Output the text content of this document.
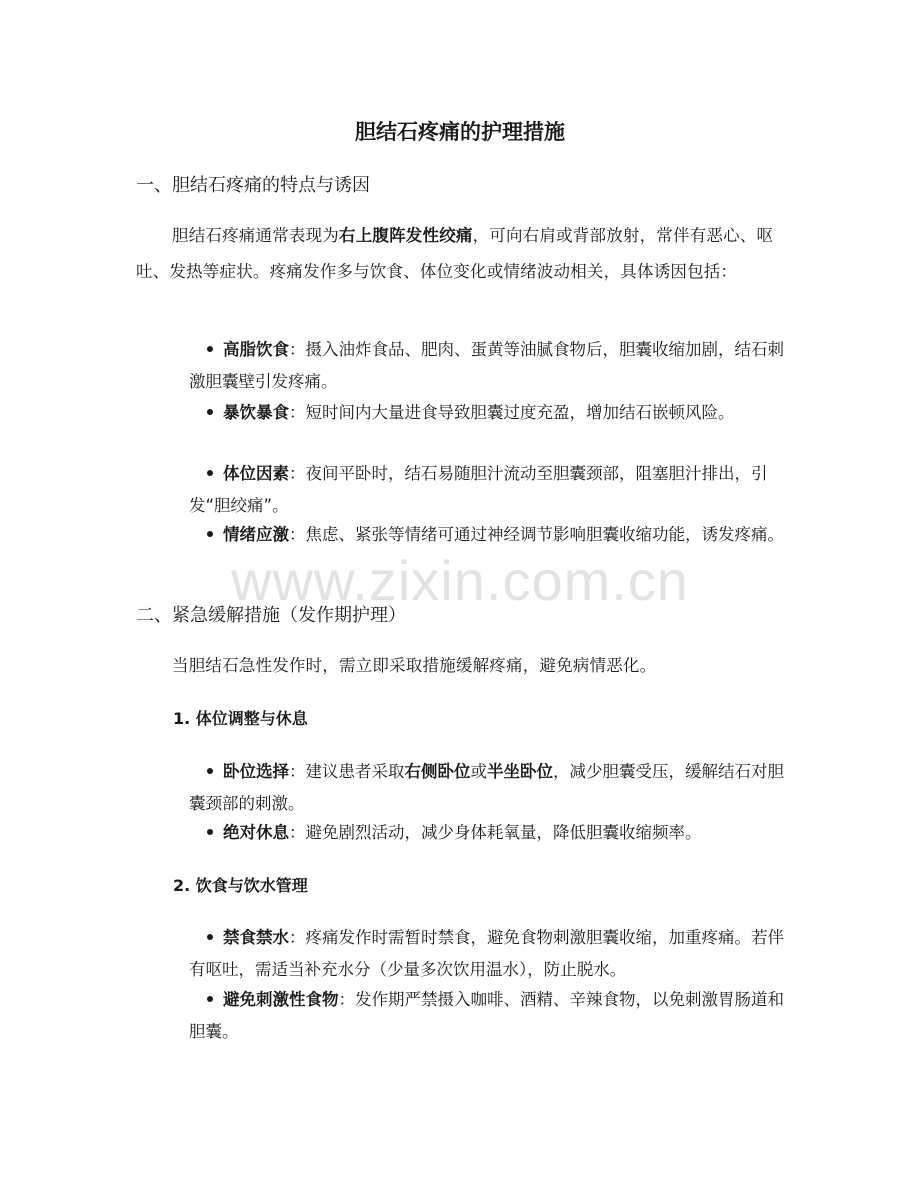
胆结石疼痛的护理措施
一、胆结石疼痛的特点与诱因
胆结石疼痛通常表现为右上腹阵发性绞痛，可向右肩或背部放射，常伴有恶心、呕吐、发热等症状。疼痛发作多与饮食、体位变化或情绪波动相关，具体诱因包括：
高脂饮食：摄入油炸食品、肥肉、蛋黄等油腻食物后，胆囊收缩加剧，结石刺激胆囊壁引发疼痛。
暴饮暴食：短时间内大量进食导致胆囊过度充盈，增加结石嵌顿风险。
体位因素：夜间平卧时，结石易随胆汁流动至胆囊颈部，阻塞胆汁排出，引发“胆绞痛”。
情绪应激：焦虑、紧张等情绪可通过神经调节影响胆囊收缩功能，诱发疼痛。
二、紧急缓解措施（发作期护理）
当胆结石急性发作时，需立即采取措施缓解疼痛，避免病情恶化。
1. 体位调整与休息
卧位选择：建议患者采取右侧卧位或半坐卧位，减少胆囊受压，缓解结石对胆囊颈部的刺激。
绝对休息：避免剧烈活动，减少身体耗氧量，降低胆囊收缩频率。
2. 饮食与饮水管理
禁食禁水：疼痛发作时需暂时禁食，避免食物刺激胆囊收缩，加重疼痛。若伴有呕吐，需适当补充水分（少量多次饮用温水），防止脱水。
避免刺激性食物：发作期严禁摄入咖啡、酒精、辛辣食物，以免刺激胃肠道和胆囊。
www.zixin.com.cn
